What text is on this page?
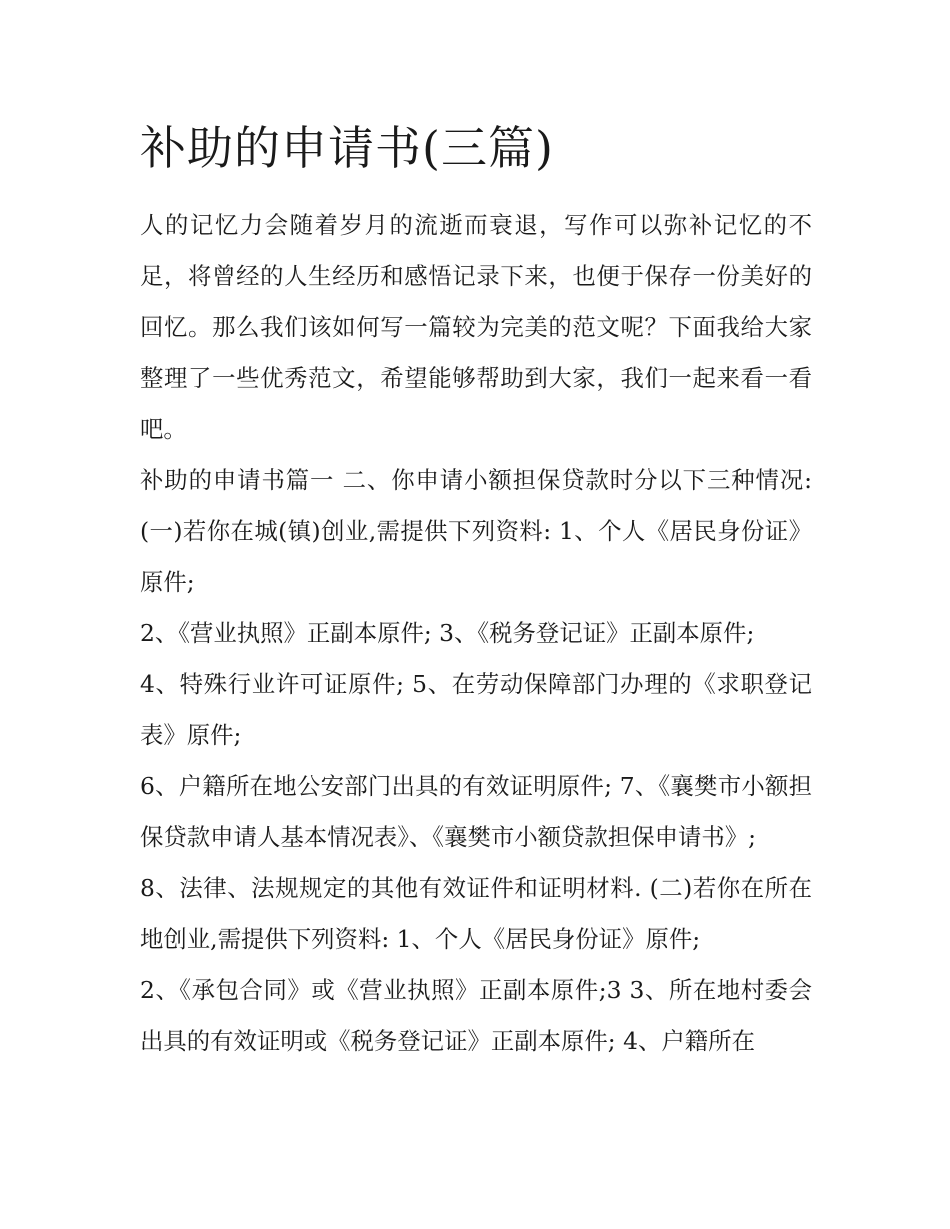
补助的申请书(三篇)

人的记忆力会随着岁月的流逝而衰退，写作可以弥补记忆的不足，将曾经的人生经历和感悟记录下来，也便于保存一份美好的回忆。那么我们该如何写一篇较为完美的范文呢？下面我给大家整理了一些优秀范文，希望能够帮助到大家，我们一起来看一看吧。

补助的申请书篇一 二、你申请小额担保贷款时分以下三种情况: (一)若你在城(镇)创业,需提供下列资料: 1、个人《居民身份证》原件;

2、《营业执照》正副本原件; 3、《税务登记证》正副本原件;

4、特殊行业许可证原件; 5、在劳动保障部门办理的《求职登记表》原件;

6、户籍所在地公安部门出具的有效证明原件; 7、《襄樊市小额担保贷款申请人基本情况表》、《襄樊市小额贷款担保申请书》;

8、法律、法规规定的其他有效证件和证明材料. (二)若你在所在地创业,需提供下列资料: 1、个人《居民身份证》原件;

2、《承包合同》或《营业执照》正副本原件;3 3、所在地村委会出具的有效证明或《税务登记证》正副本原件; 4、户籍所在
